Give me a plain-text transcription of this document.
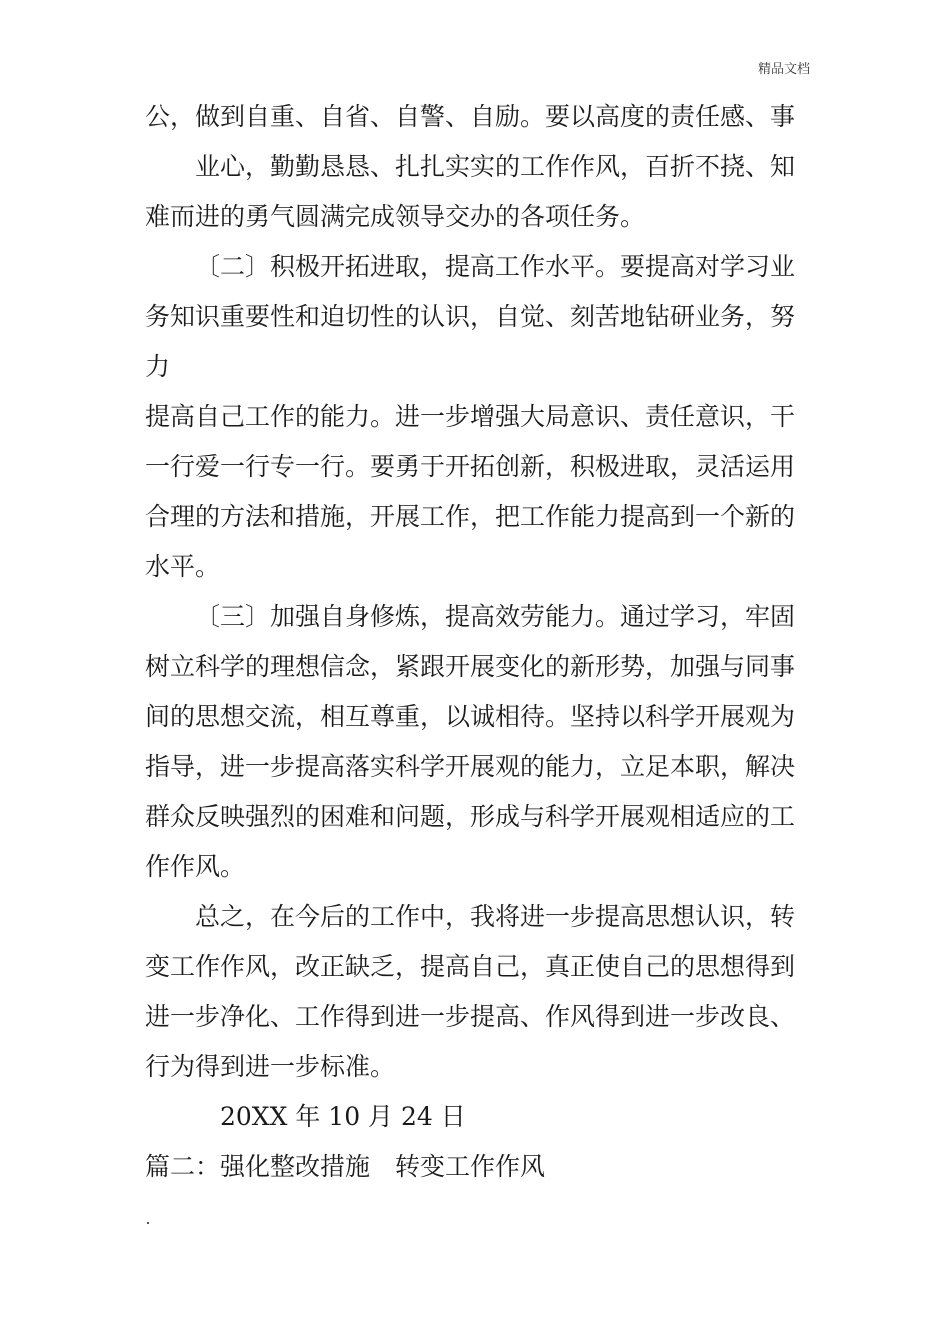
精品文档
公，做到自重、自省、自警、自励。要以高度的责任感、事
业心，勤勤恳恳、扎扎实实的工作作风，百折不挠、知
难而进的勇气圆满完成领导交办的各项任务。
〔二〕积极开拓进取，提高工作水平。要提高对学习业
务知识重要性和迫切性的认识，自觉、刻苦地钻研业务，努
力
提高自己工作的能力。进一步增强大局意识、责任意识，干
一行爱一行专一行。要勇于开拓创新，积极进取，灵活运用
合理的方法和措施，开展工作，把工作能力提高到一个新的
水平。
〔三〕加强自身修炼，提高效劳能力。通过学习，牢固
树立科学的理想信念，紧跟开展变化的新形势，加强与同事
间的思想交流，相互尊重，以诚相待。坚持以科学开展观为
指导，进一步提高落实科学开展观的能力，立足本职，解决
群众反映强烈的困难和问题，形成与科学开展观相适应的工
作作风。
总之，在今后的工作中，我将进一步提高思想认识，转
变工作作风，改正缺乏，提高自己，真正使自己的思想得到
进一步净化、工作得到进一步提高、作风得到进一步改良、
行为得到进一步标准。
20XX 年 10 月 24 日
篇二：强化整改措施　转变工作作风
